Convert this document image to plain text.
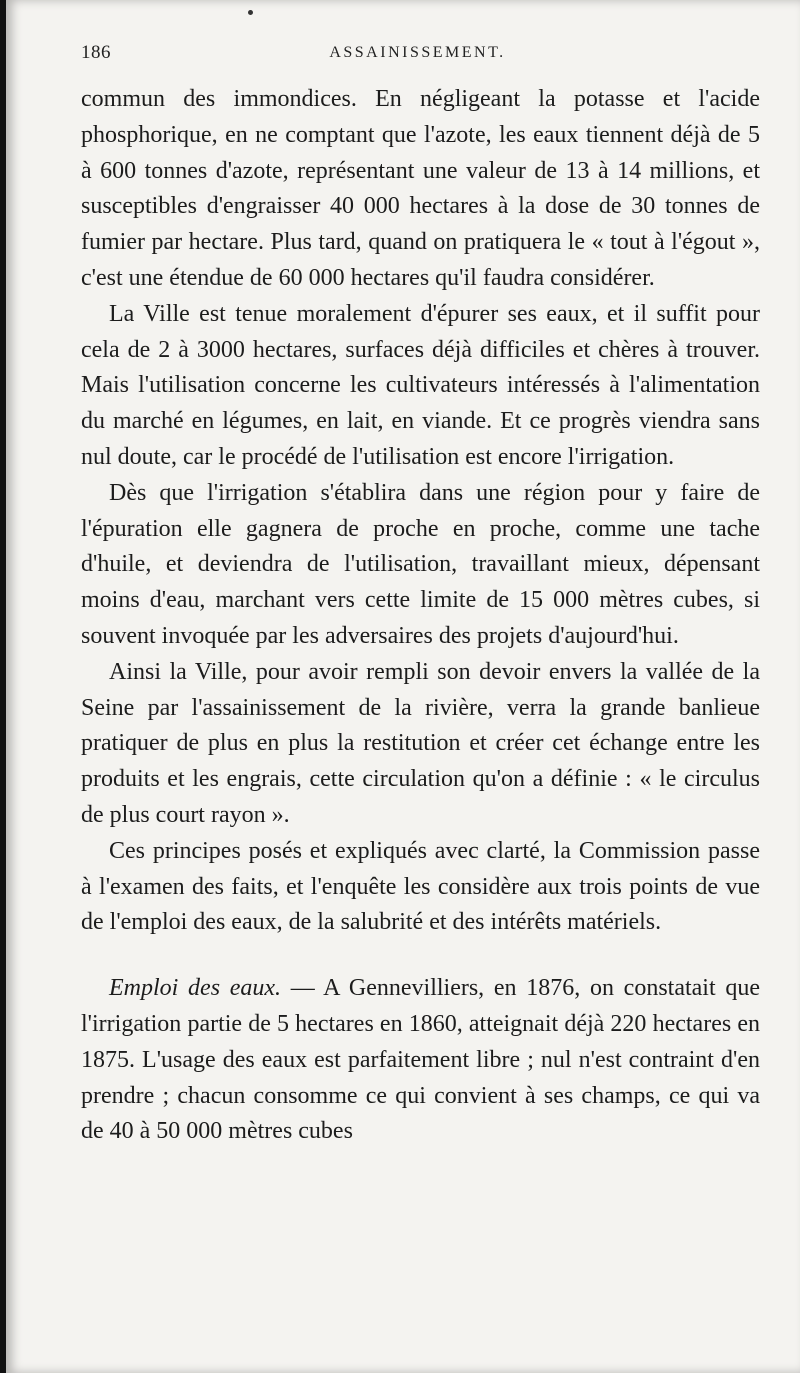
186	ASSAINISSEMENT.

commun des immondices. En négligeant la potasse et l'acide phosphorique, en ne comptant que l'azote, les eaux tiennent déjà de 5 à 600 tonnes d'azote, représentant une valeur de 13 à 14 millions, et susceptibles d'engraisser 40 000 hectares à la dose de 30 tonnes de fumier par hectare. Plus tard, quand on pratiquera le « tout à l'égout », c'est une étendue de 60 000 hectares qu'il faudra considérer.

La Ville est tenue moralement d'épurer ses eaux, et il suffit pour cela de 2 à 3000 hectares, surfaces déjà difficiles et chères à trouver. Mais l'utilisation concerne les cultivateurs intéressés à l'alimentation du marché en légumes, en lait, en viande. Et ce progrès viendra sans nul doute, car le procédé de l'utilisation est encore l'irrigation.

Dès que l'irrigation s'établira dans une région pour y faire de l'épuration elle gagnera de proche en proche, comme une tache d'huile, et deviendra de l'utilisation, travaillant mieux, dépensant moins d'eau, marchant vers cette limite de 15 000 mètres cubes, si souvent invoquée par les adversaires des projets d'aujourd'hui.

Ainsi la Ville, pour avoir rempli son devoir envers la vallée de la Seine par l'assainissement de la rivière, verra la grande banlieue pratiquer de plus en plus la restitution et créer cet échange entre les produits et les engrais, cette circulation qu'on a définie : « le circulus de plus court rayon ».

Ces principes posés et expliqués avec clarté, la Commission passe à l'examen des faits, et l'enquête les considère aux trois points de vue de l'emploi des eaux, de la salubrité et des intérêts matériels.

Emploi des eaux. — A Gennevilliers, en 1876, on constatait que l'irrigation partie de 5 hectares en 1860, atteignait déjà 220 hectares en 1875. L'usage des eaux est parfaitement libre ; nul n'est contraint d'en prendre ; chacun consomme ce qui convient à ses champs, ce qui va de 40 à 50 000 mètres cubes
